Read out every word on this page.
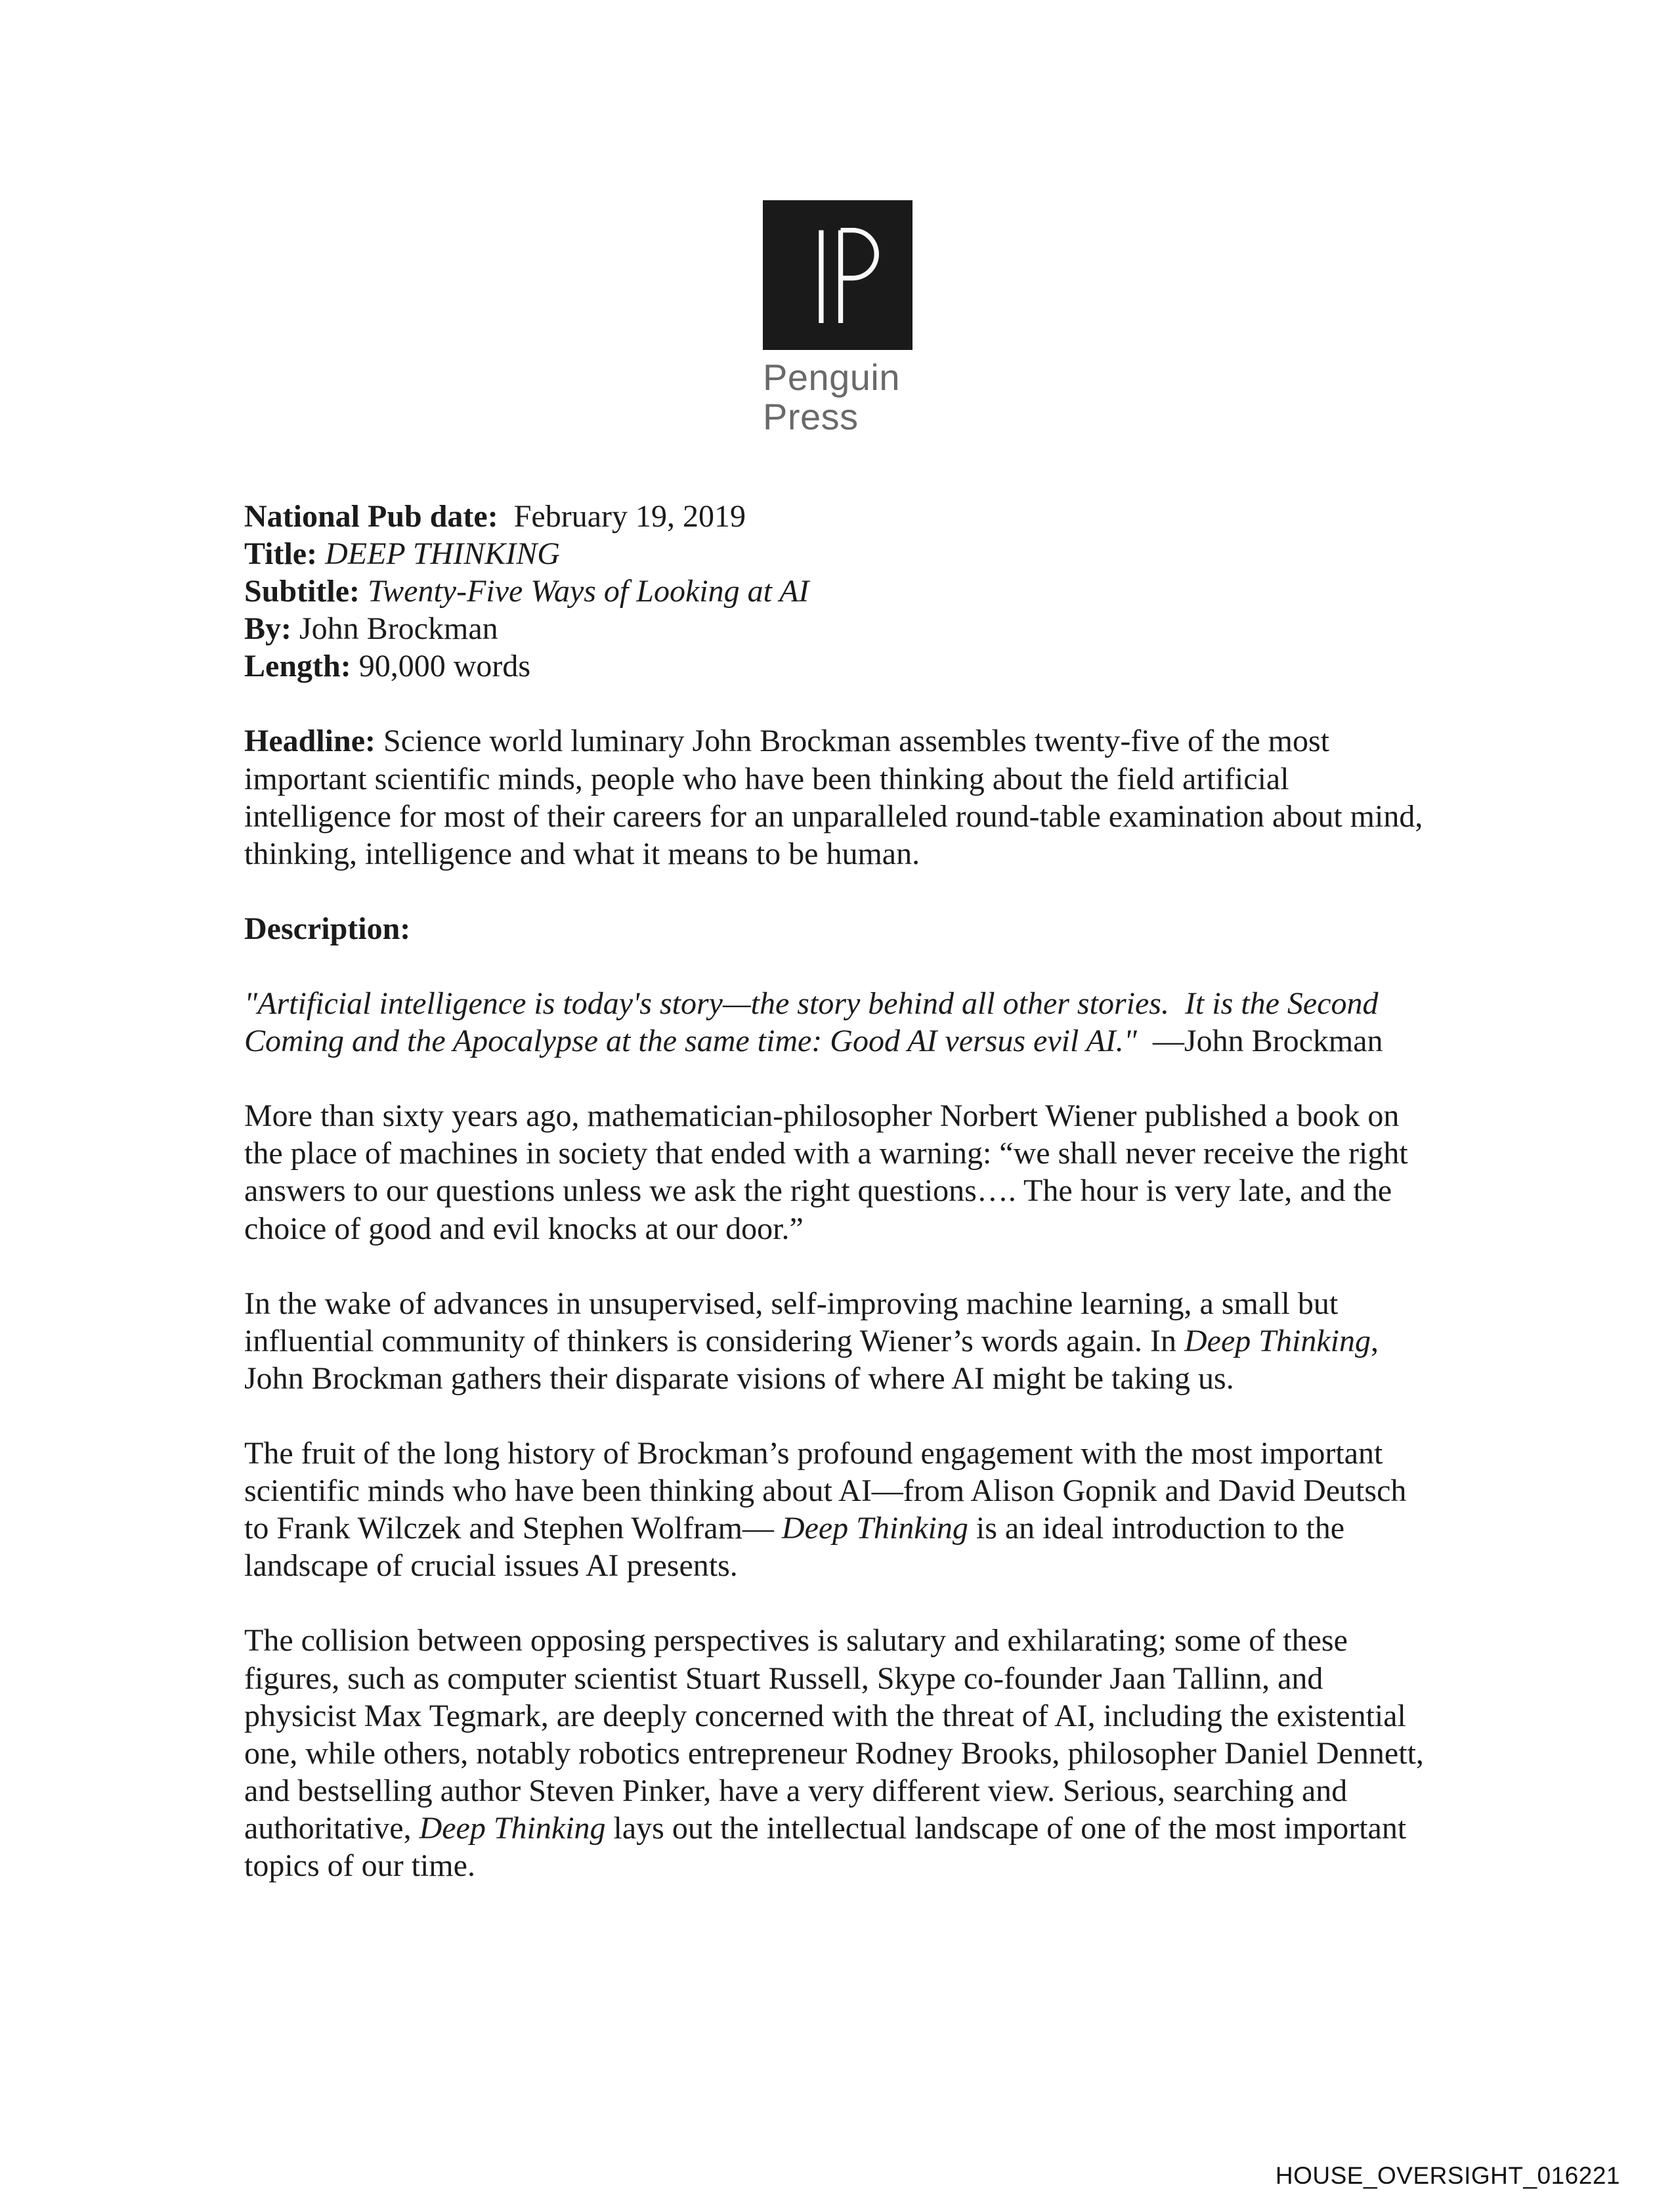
Penguin
Press

National Pub date:  February 19, 2019

Title: DEEP THINKING

Subtitle: Twenty-Five Ways of Looking at AI

By: John Brockman

Length: 90,000 words

Headline: Science world luminary John Brockman assembles twenty-five of the most important scientific minds, people who have been thinking about the field artificial intelligence for most of their careers for an unparalleled round-table examination about mind, thinking, intelligence and what it means to be human.

Description:

"Artificial intelligence is today's story—the story behind all other stories.  It is the Second Coming and the Apocalypse at the same time: Good AI versus evil AI."  —John Brockman

More than sixty years ago, mathematician-philosopher Norbert Wiener published a book on the place of machines in society that ended with a warning: “we shall never receive the right answers to our questions unless we ask the right questions…. The hour is very late, and the choice of good and evil knocks at our door.”

In the wake of advances in unsupervised, self-improving machine learning, a small but influential community of thinkers is considering Wiener’s words again. In Deep Thinking, John Brockman gathers their disparate visions of where AI might be taking us.

The fruit of the long history of Brockman’s profound engagement with the most important scientific minds who have been thinking about AI—from Alison Gopnik and David Deutsch to Frank Wilczek and Stephen Wolfram— Deep Thinking is an ideal introduction to the landscape of crucial issues AI presents.

The collision between opposing perspectives is salutary and exhilarating; some of these figures, such as computer scientist Stuart Russell, Skype co-founder Jaan Tallinn, and physicist Max Tegmark, are deeply concerned with the threat of AI, including the existential one, while others, notably robotics entrepreneur Rodney Brooks, philosopher Daniel Dennett, and bestselling author Steven Pinker, have a very different view. Serious, searching and authoritative, Deep Thinking lays out the intellectual landscape of one of the most important topics of our time.

HOUSE_OVERSIGHT_016221
